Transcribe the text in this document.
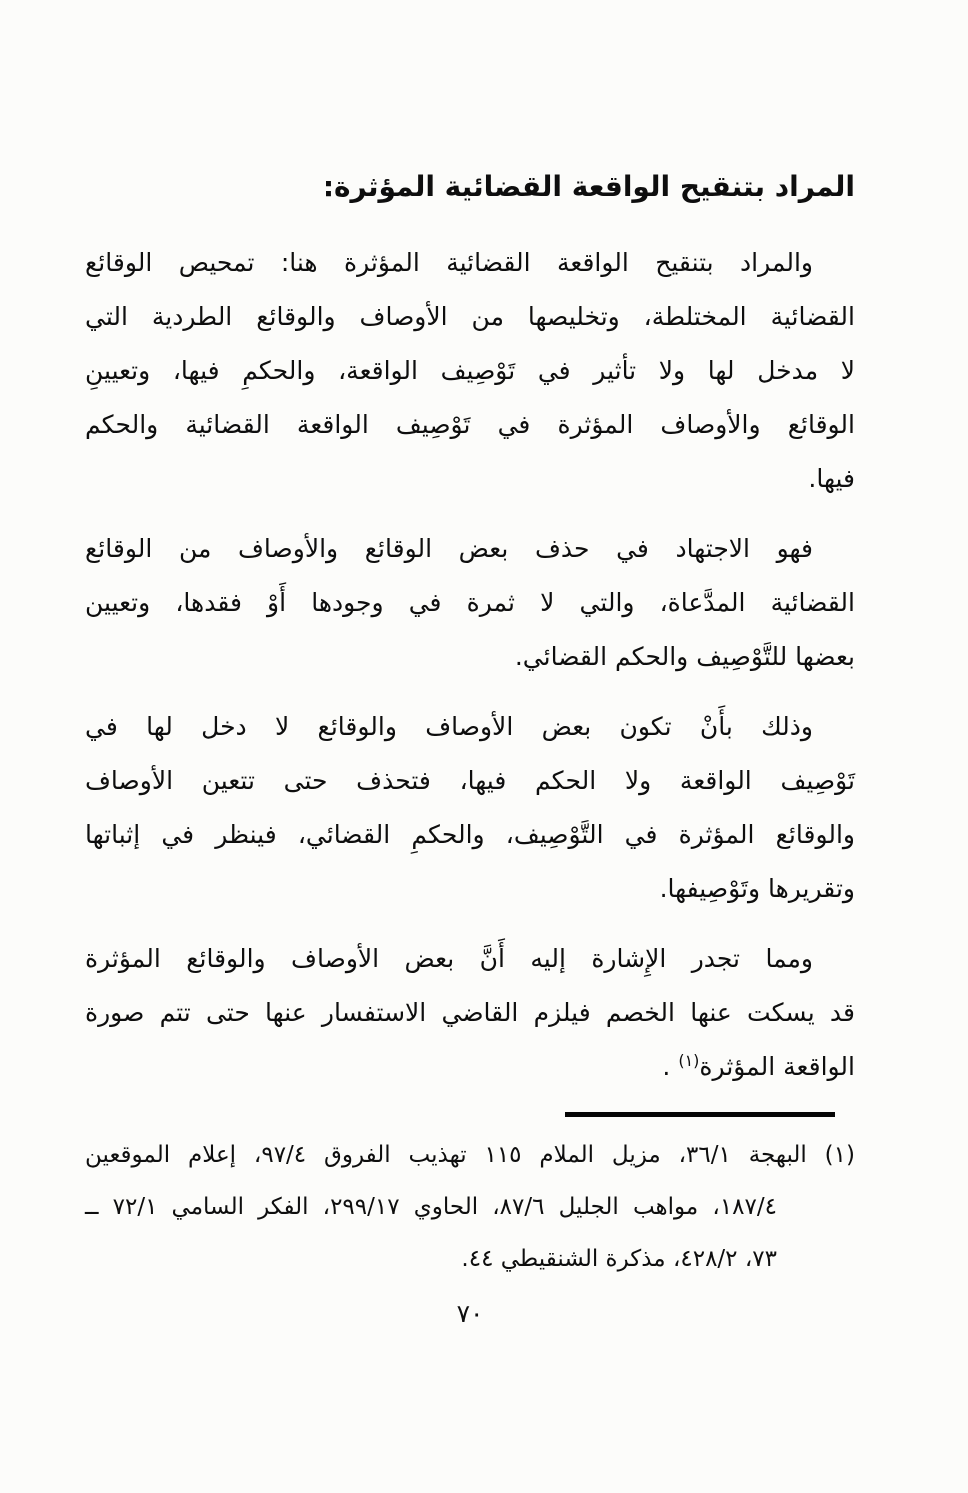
المراد بتنقيح الواقعة القضائية المؤثرة:
والمراد بتنقيح الواقعة القضائية المؤثرة هنا: تمحيص الوقائع
القضائية المختلطة، وتخليصها من الأوصاف والوقائع الطردية التي
لا مدخل لها ولا تأثير في تَوْصِيف الواقعة، والحكمِ فيها، وتعيينِ
الوقائع والأوصاف المؤثرة في تَوْصِيف الواقعة القضائية والحكم
فيها.
فهو الاجتهاد في حذف بعض الوقائع والأوصاف من الوقائع
القضائية المدَّعاة، والتي لا ثمرة في وجودها أَوْ فقدها، وتعيين
بعضها للتَّوْصِيف والحكم القضائي.
وذلك بأَنْ تكون بعض الأوصاف والوقائع لا دخل لها في
تَوْصِيف الواقعة ولا الحكم فيها، فتحذف حتى تتعين الأوصاف
والوقائع المؤثرة في التَّوْصِيف، والحكمِ القضائي، فينظر في إثباتها
وتقريرها وتَوْصِيفها.
ومما تجدر الإِشارة إليه أَنَّ بعض الأوصاف والوقائع المؤثرة
قد يسكت عنها الخصم فيلزم القاضي الاستفسار عنها حتى تتم صورة
الواقعة المؤثرة(١).
(١) البهجة ٣٦/١، مزيل الملام ١١٥ تهذيب الفروق ٩٧/٤، إعلام الموقعين
١٨٧/٤، مواهب الجليل ٨٧/٦، الحاوي ٢٩٩/١٧، الفكر السامي ٧٢/١ ــ
٧٣، ٤٢٨/٢، مذكرة الشنقيطي ٤٤.
٧٠
